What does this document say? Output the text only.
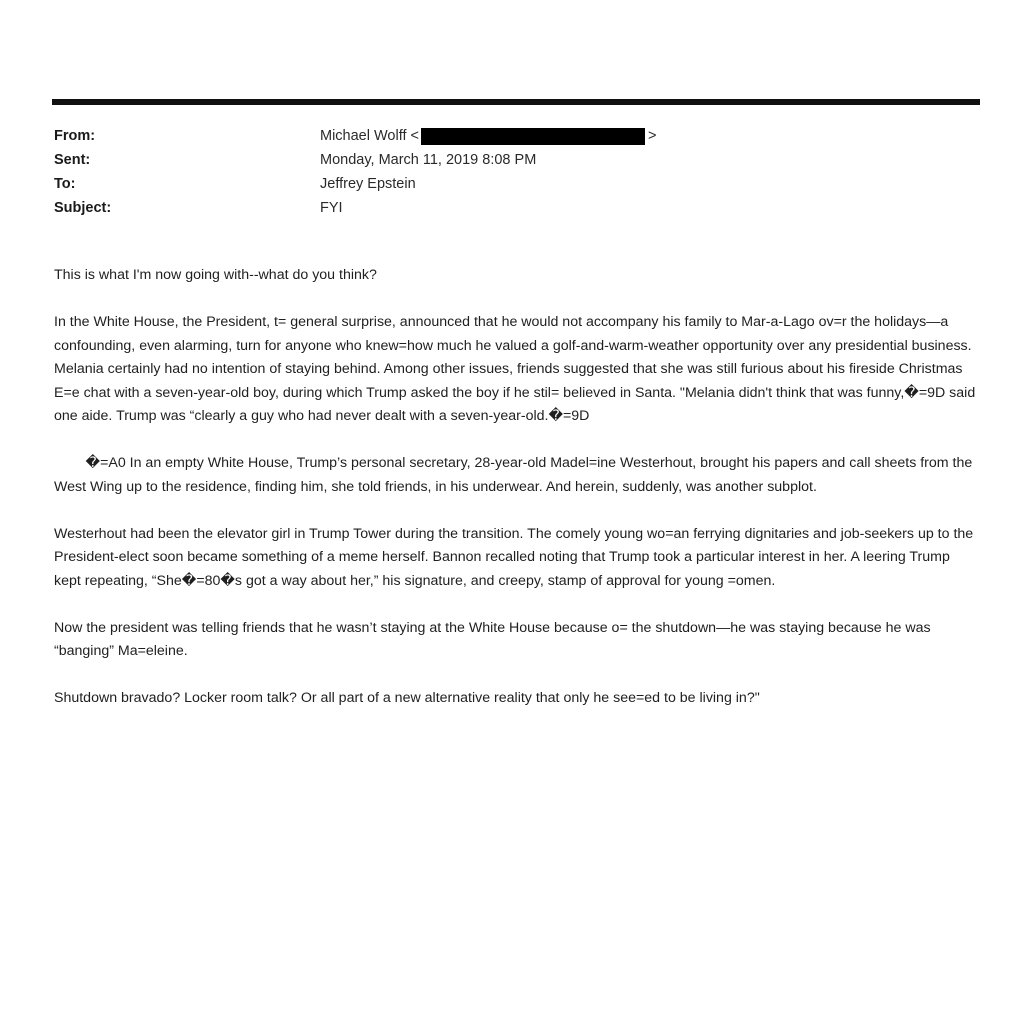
From:	Michael Wolff <	>
Sent:	Monday, March 11, 2019 8:08 PM
To:	Jeffrey Epstein
Subject:	FYI

This is what I'm now going with--what do you think?

In the White House, the President, t= general surprise, announced that he would not accompany his family to Mar-a-Lago ov=r the holidays—a confounding, even alarming, turn for anyone who knew=how much he valued a golf-and-warm-weather opportunity over any presidential business. Melania certainly had no intention of staying behind. Among other issues, friends suggested that she was still furious about his fireside Christmas E=e chat with a seven-year-old boy, during which Trump asked the boy if he stil= believed in Santa. "Melania didn't think that was funny,�=9D said one aide. Trump was “clearly a guy who had never dealt with a seven-year-old.�=9D

�=A0 In an empty White House, Trump’s personal secretary, 28-year-old Madel=ine Westerhout, brought his papers and call sheets from the West Wing up to the residence, finding him, she told friends, in his underwear. And herein, suddenly, was another subplot.

Westerhout had been the elevator girl in Trump Tower during the transition. The comely young wo=an ferrying dignitaries and job-seekers up to the President-elect soon became something of a meme herself. Bannon recalled noting that Trump took a particular interest in her. A leering Trump kept repeating, “She�=80�s got a way about her,” his signature, and creepy, stamp of approval for young =omen.

Now the president was telling friends that he wasn’t staying at the White House because o= the shutdown—he was staying because he was “banging” Ma=eleine.

Shutdown bravado? Locker room talk? Or all part of a new alternative reality that only he see=ed to be living in?"
